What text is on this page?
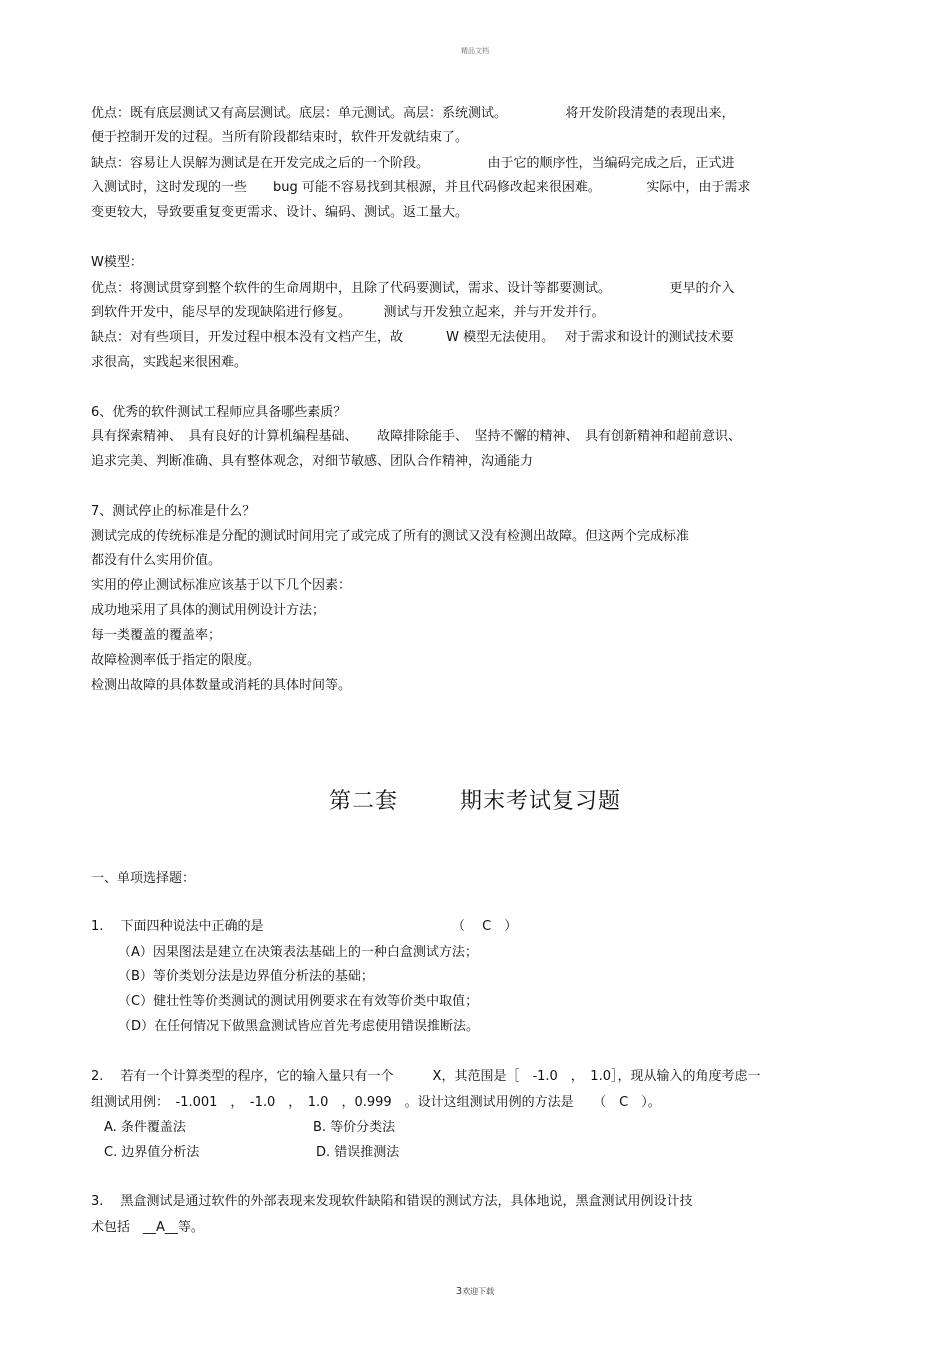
精品文档
优点：既有底层测试又有高层测试。底层：单元测试。高层：系统测试。　　　　　将开发阶段清楚的表现出来，
便于控制开发的过程。当所有阶段都结束时，软件开发就结束了。
缺点：容易让人误解为测试是在开发完成之后的一个阶段。　　　　　由于它的顺序性，当编码完成之后，正式进
入测试时，这时发现的一些　　bug 可能不容易找到其根源，并且代码修改起来很困难。　　　　实际中，由于需求
变更较大，导致要重复变更需求、设计、编码、测试。返工量大。
W模型：
优点：将测试贯穿到整个软件的生命周期中，且除了代码要测试，需求、设计等都要测试。　　　　　更早的介入
到软件开发中，能尽早的发现缺陷进行修复。　　　测试与开发独立起来，并与开发并行。
缺点：对有些项目，开发过程中根本没有文档产生，故　　　 W 模型无法使用。　 对于需求和设计的测试技术要
求很高，实践起来很困难。
6、优秀的软件测试工程师应具备哪些素质？
具有探索精神、　具有良好的计算机编程基础、　　故障排除能手、　坚持不懈的精神、　具有创新精神和超前意识、
追求完美、判断准确、具有整体观念，对细节敏感、团队合作精神，沟通能力
7、测试停止的标准是什么？
测试完成的传统标准是分配的测试时间用完了或完成了所有的测试又没有检测出故障。但这两个完成标准
都没有什么实用价值。
实用的停止测试标准应该基于以下几个因素：
成功地采用了具体的测试用例设计方法；
每一类覆盖的覆盖率；
故障检测率低于指定的限度。
检测出故障的具体数量或消耗的具体时间等。
第二套	期末考试复习题
一、单项选择题：
1.　 下面四种说法中正确的是　　　　　　　　　　　　　　　（　 C　）
（A）因果图法是建立在决策表法基础上的一种白盒测试方法；
（B）等价类划分法是边界值分析法的基础；
（C）健壮性等价类测试的测试用例要求在有效等价类中取值；
（D）在任何情况下做黑盒测试皆应首先考虑使用错误推断法。
2.　 若有一个计算类型的程序，它的输入量只有一个　　　X，其范围是［　-1.0　，　1.0］，现从输入的角度考虑一
组测试用例：　-1.001　，　-1.0　，　1.0　，0.999　。设计这组测试用例的方法是　　（　C　）。
A. 条件覆盖法	B. 等价分类法
C. 边界值分析法	D. 错误推测法
3.　 黑盒测试是通过软件的外部表现来发现软件缺陷和错误的测试方法，具体地说，黑盒测试用例设计技
术包括　__A__等。
3欢迎下载
